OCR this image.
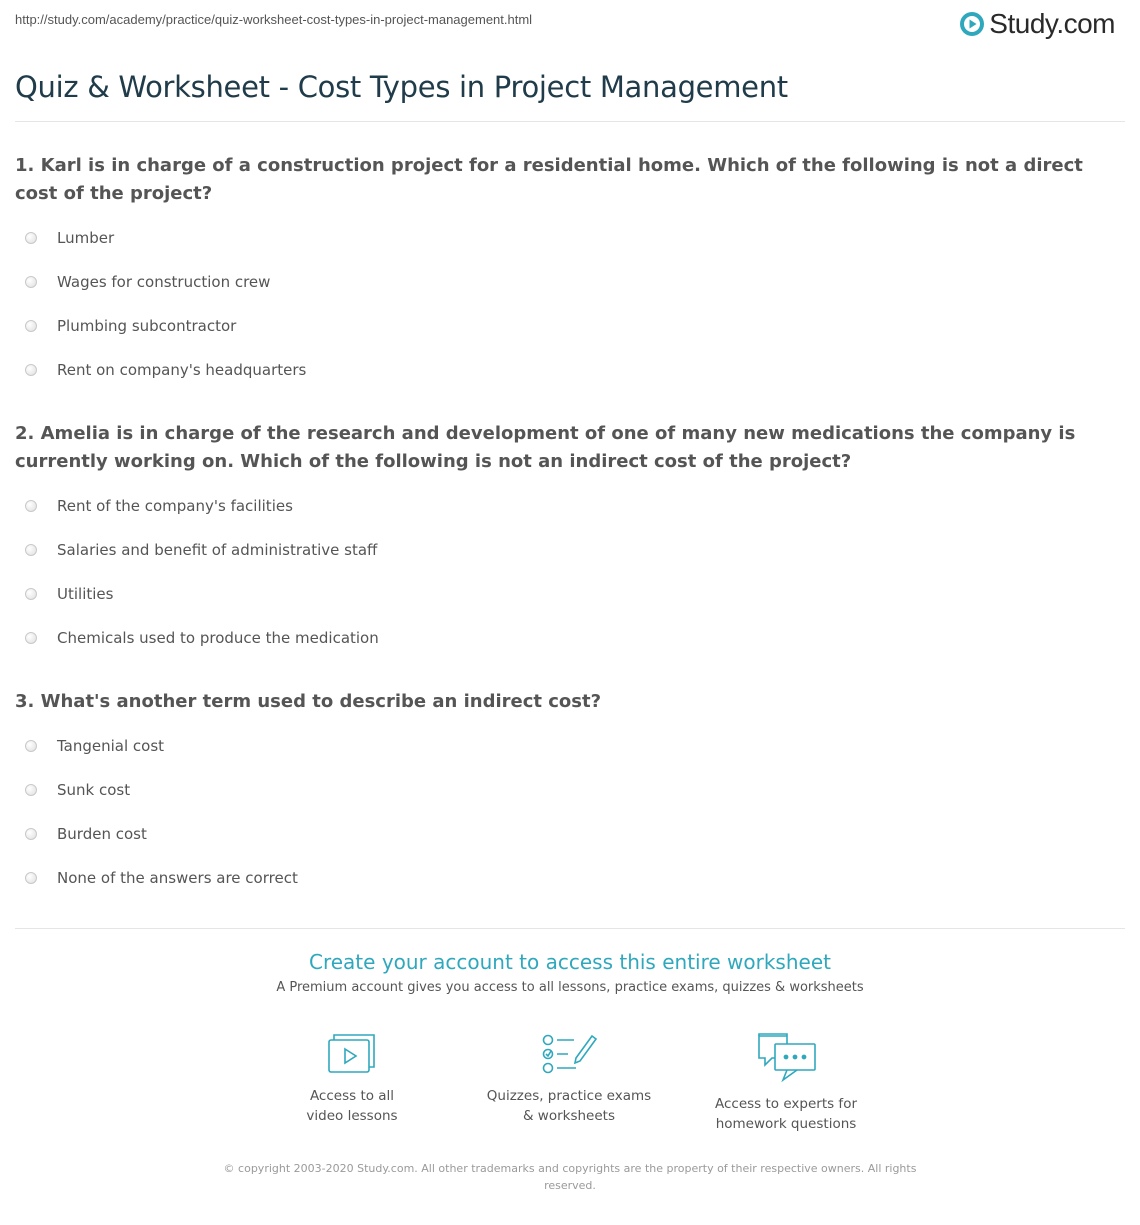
http://study.com/academy/practice/quiz-worksheet-cost-types-in-project-management.html	Study.com
Quiz & Worksheet - Cost Types in Project Management
1. Karl is in charge of a construction project for a residential home. Which of the following is not a direct cost of the project?
Lumber
Wages for construction crew
Plumbing subcontractor
Rent on company's headquarters
2. Amelia is in charge of the research and development of one of many new medications the company is currently working on. Which of the following is not an indirect cost of the project?
Rent of the company's facilities
Salaries and benefit of administrative staff
Utilities
Chemicals used to produce the medication
3. What's another term used to describe an indirect cost?
Tangenial cost
Sunk cost
Burden cost
None of the answers are correct
Create your account to access this entire worksheet
A Premium account gives you access to all lessons, practice exams, quizzes & worksheets
Access to all
video lessons
Quizzes, practice exams
& worksheets
Access to experts for
homework questions
© copyright 2003-2020 Study.com. All other trademarks and copyrights are the property of their respective owners. All rights reserved.
